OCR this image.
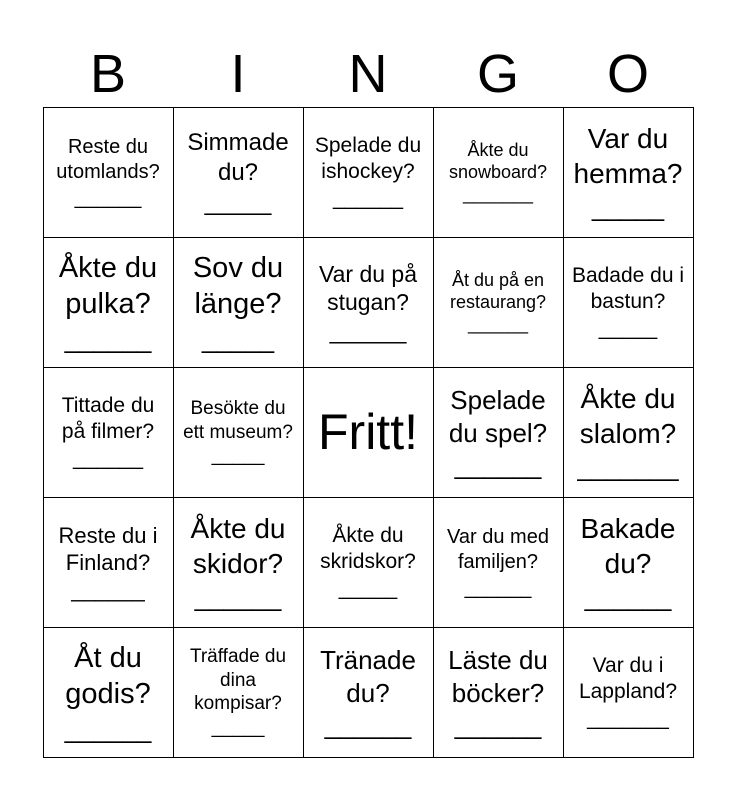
B	I	N	G	O
Reste du utomlands?
______
Simmade du?
_____
Spelade du ishockey?
______
Åkte du snowboard?
_______
Var du hemma?
_____
Åkte du pulka?
______
Sov du länge?
_____
Var du på stugan?
______
Åt du på en restaurang?
______
Badade du i bastun?
_____
Tittade du på filmer?
______
Besökte du ett museum?
_____ Fritt!
Spelade du spel?
______
Åkte du slalom?
_______
Reste du i Finland?
______
Åkte du skidor?
______
Åkte du skridskor?
_____
Var du med familjen?
______
Bakade du?
______
Åt du godis?
______
Träffade du dina kompisar?
_____
Tränade du?
______
Läste du böcker?
______
Var du i Lappland?
_______
